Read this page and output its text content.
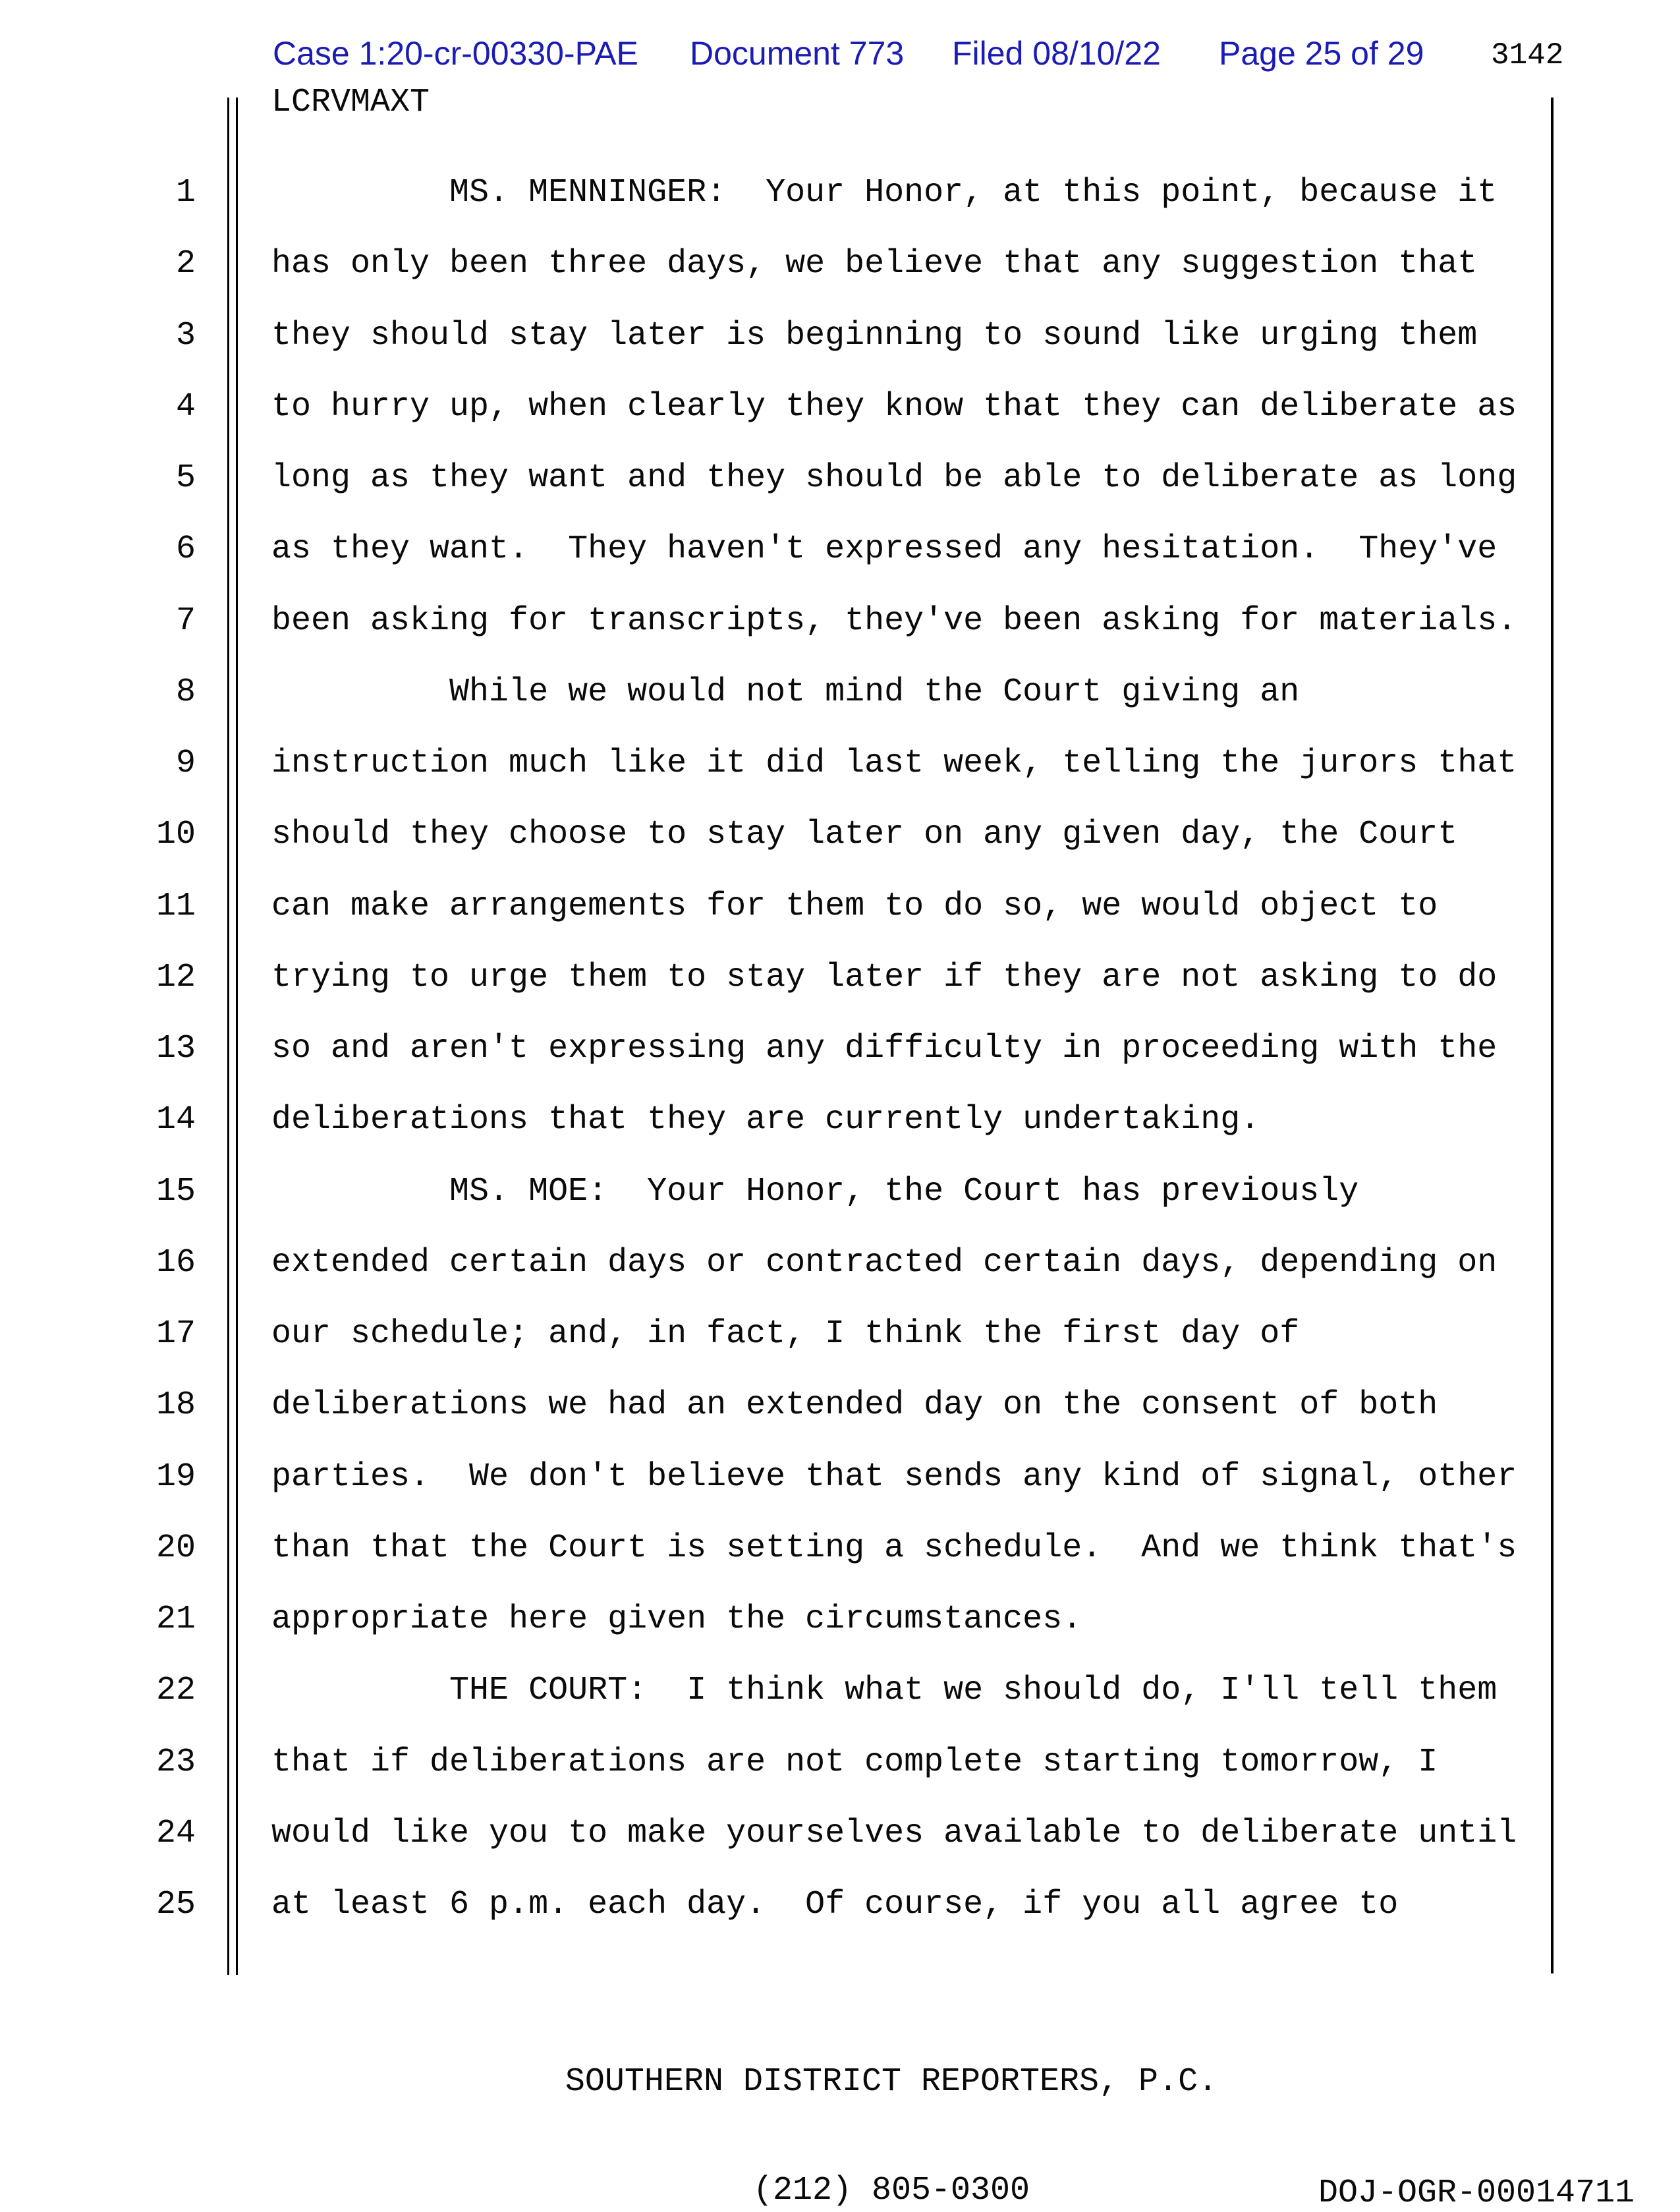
Case 1:20-cr-00330-PAE Document 773 Filed 08/10/22 Page 25 of 29 3142
LCRVMAXT
1
2
3
4
5
6
7
8
9
10
11
12
13
14
15
16
17
18
19
20
21
22
23
24
25
MS. MENNINGER:  Your Honor, at this point, because it
has only been three days, we believe that any suggestion that
they should stay later is beginning to sound like urging them
to hurry up, when clearly they know that they can deliberate as
long as they want and they should be able to deliberate as long
as they want.  They haven't expressed any hesitation.  They've
been asking for transcripts, they've been asking for materials.
While we would not mind the Court giving an
instruction much like it did last week, telling the jurors that
should they choose to stay later on any given day, the Court
can make arrangements for them to do so, we would object to
trying to urge them to stay later if they are not asking to do
so and aren't expressing any difficulty in proceeding with the
deliberations that they are currently undertaking.
MS. MOE:  Your Honor, the Court has previously
extended certain days or contracted certain days, depending on
our schedule; and, in fact, I think the first day of
deliberations we had an extended day on the consent of both
parties.  We don't believe that sends any kind of signal, other
than that the Court is setting a schedule.  And we think that's
appropriate here given the circumstances.
THE COURT:  I think what we should do, I'll tell them
that if deliberations are not complete starting tomorrow, I
would like you to make yourselves available to deliberate until
at least 6 p.m. each day.  Of course, if you all agree to

SOUTHERN DISTRICT REPORTERS, P.C.

(212) 805-0300

	DOJ-OGR-00014711
